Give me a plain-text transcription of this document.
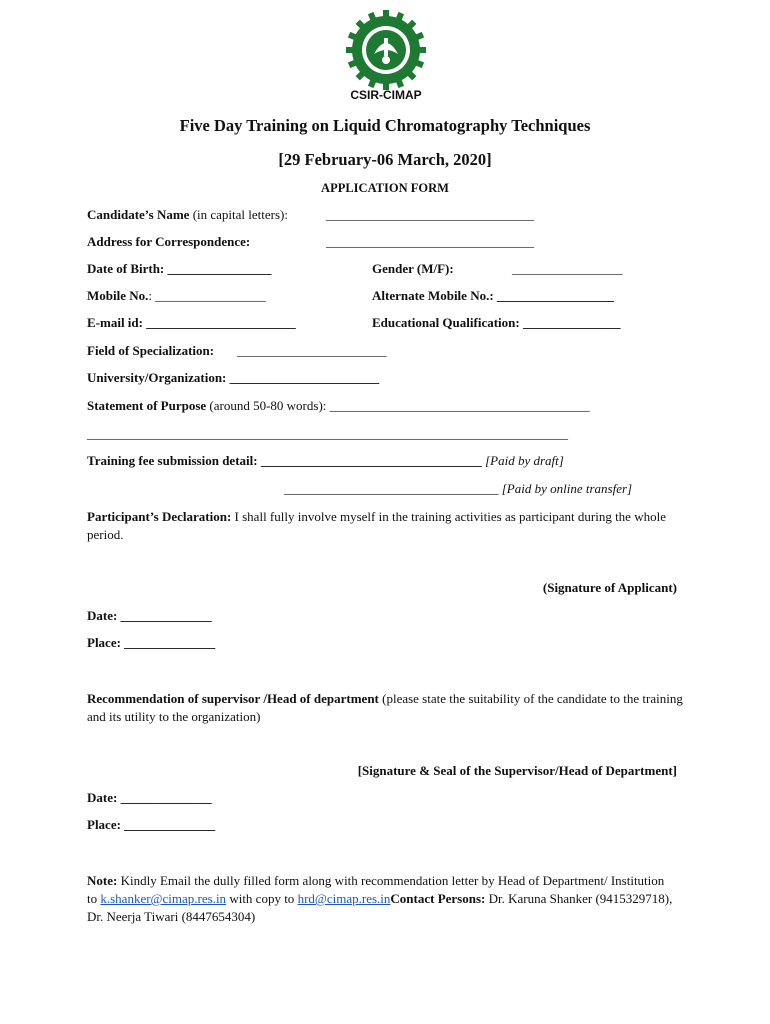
CSIR-CIMAP
Five Day Training on Liquid Chromatography Techniques
[29 February-06 March, 2020]
APPLICATION FORM
Candidate’s Name (in capital letters):	________________________________
Address for Correspondence:	________________________________
Date of Birth: ________________	Gender (M/F):	_________________
Mobile No.: _________________	Alternate Mobile No.: __________________
E-mail id: _______________________	Educational Qualification: _______________
Field of Specialization: _______________________
University/Organization: _______________________
Statement of Purpose (around 50-80 words): ________________________________________
__________________________________________________________________________
Training fee submission detail: __________________________________ [Paid by draft]
_________________________________ [Paid by online transfer]
Participant’s Declaration: I shall fully involve myself in the training activities as participant during the whole period.
(Signature of Applicant)
Date: ______________
Place: ______________
Recommendation of supervisor /Head of department (please state the suitability of the candidate to the training and its utility to the organization)
[Signature & Seal of the Supervisor/Head of Department]
Date: ______________
Place: ______________
Note: Kindly Email the dully filled form along with recommendation letter by Head of Department/ Institution to k.shanker@cimap.res.in with copy to hrd@cimap.res.inContact Persons: Dr. Karuna Shanker (9415329718), Dr. Neerja Tiwari (8447654304)
